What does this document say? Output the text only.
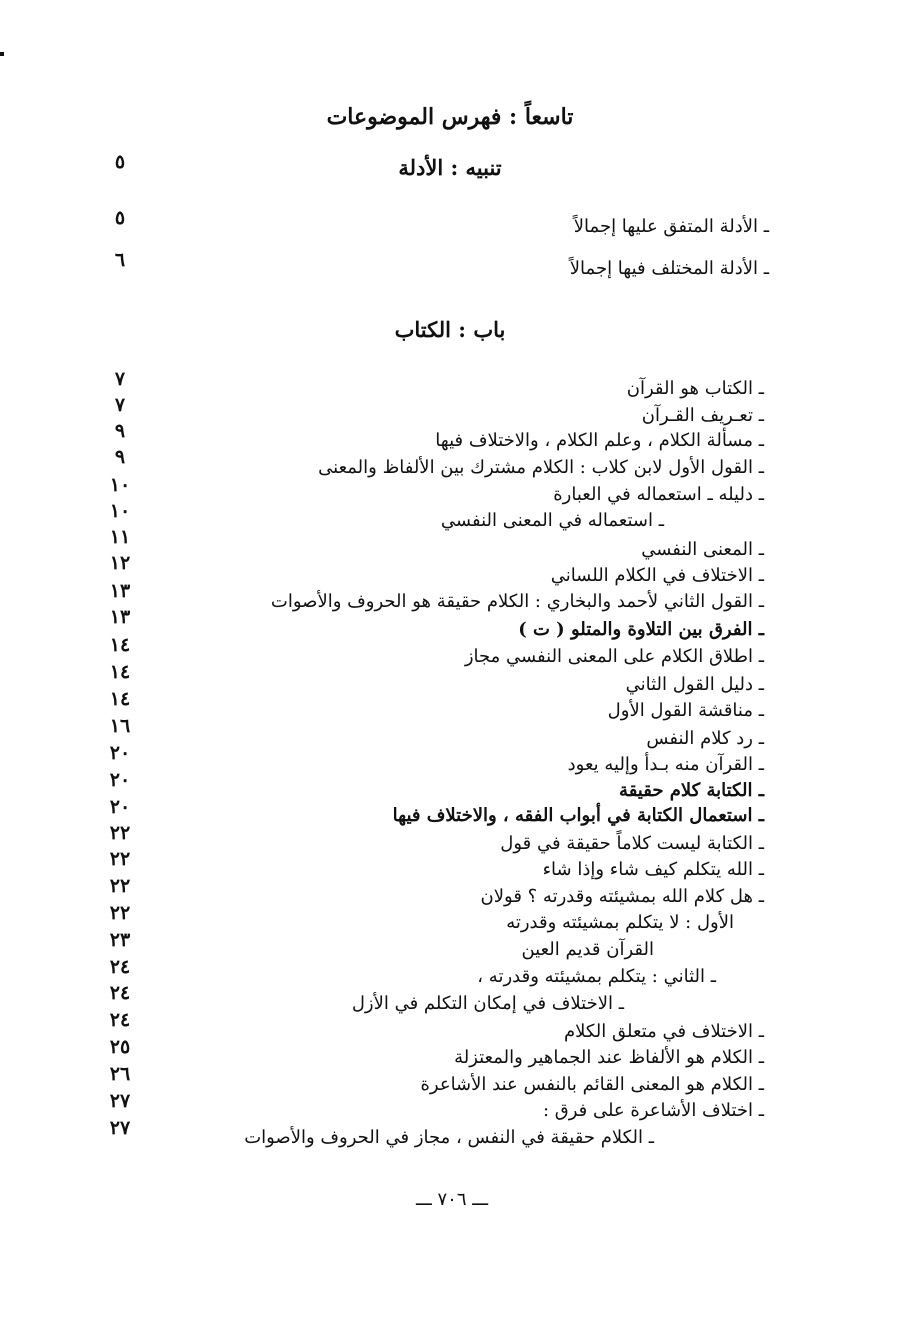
تاسعاً : فهرس الموضوعات
تنبيه : الأدلة
٥
ـ الأدلة المتفق عليها إجمالاً
٥
ـ الأدلة المختلف فيها إجمالاً
٦
باب : الكتاب
ـ الكتاب هو القرآن
٧
ـ تعـريف القـرآن
٧
ـ مسألة الكلام ، وعلم الكلام ، والاختلاف فيها
٩
ـ القول الأول لابن كلاب : الكلام مشترك بين الألفاظ والمعنى
٩
ـ دليله ـ استعماله في العبارة
١٠
ـ استعماله في المعنى النفسي
١٠
ـ المعنى النفسي
١١
ـ الاختلاف في الكلام اللساني
١٢
ـ القول الثاني لأحمد والبخاري : الكلام حقيقة هو الحروف والأصوات
١٣
ـ الفرق بين التلاوة والمتلو ( ت )
١٣
ـ اطلاق الكلام على المعنى النفسي مجاز
١٤
ـ دليل القول الثاني
١٤
ـ مناقشة القول الأول
١٤
ـ رد كلام النفس
١٦
ـ القرآن منه بـدأ وإليه يعود
٢٠
ـ الكتابة كلام حقيقة
٢٠
ـ استعمال الكتابة في أبواب الفقه ، والاختلاف فيها
٢٠
ـ الكتابة ليست كلاماً حقيقة في قول
٢٢
ـ الله يتكلم كيف شاء وإذا شاء
٢٢
ـ هل كلام الله بمشيئته وقدرته ؟ قولان
٢٢
الأول : لا يتكلم بمشيئته وقدرته
٢٢
القرآن قديم العين
٢٣
ـ الثاني : يتكلم بمشيئته وقدرته ،
٢٤
ـ الاختلاف في إمكان التكلم في الأزل
٢٤
ـ الاختلاف في متعلق الكلام
٢٤
ـ الكلام هو الألفاظ عند الجماهير والمعتزلة
٢٥
ـ الكلام هو المعنى القائم بالنفس عند الأشاعرة
٢٦
ـ اختلاف الأشاعرة على فرق :
٢٧
ـ الكلام حقيقة في النفس ، مجاز في الحروف والأصوات
٢٧
ـــ ٧٠٦ ـــ
